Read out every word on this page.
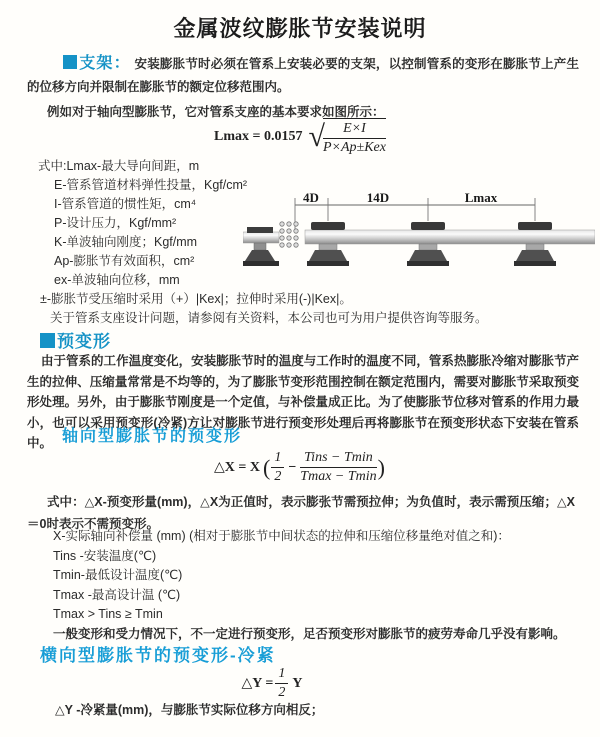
金属波纹膨胀节安装说明
支架： 安装膨胀节时必须在管系上安装必要的支架，以控制管系的变形在膨胀节上产生的位移方向并限制在膨胀节的额定位移范围内。
例如对于轴向型膨胀节，它对管系支座的基本要求如图所示：
Lmax = 0.0157 √
$\frac{E\times I}{\text{P×Ap±Kex}}$
式中:Lmax-最大导向间距，m
E-管系管道材料弹性投量，Kgf/cm²
I-管系管道的惯性矩，cm⁴
P-设计压力，Kgf/mm²
K-单波轴向刚度；Kgf/mm
Ap-膨胀节有效面积，cm²
ex-单波轴向位移，mm
±-膨胀节受压缩时采用（+）|Kex|；拉伸时采用(-)|Kex|。
关于管系支座设计问题，请参阅有关资料，本公司也可为用户提供咨询等服务。
4D	14D	Lmax
预变形
由于管系的工作温度变化，安装膨胀节时的温度与工作时的温度不同，管系热膨胀冷缩对膨胀节产生的拉伸、压缩量常常是不均等的，为了膨胀节变形范围控制在额定范围内，需要对膨胀节采取预变形处理。另外，由于膨胀节刚度是一个定值，与补偿量成正比。为了使膨胀节位移对管系的作用力最小，也可以采用预变形(冷紧)方让对膨胀节进行预变形处理后再将膨胀节在预变形状态下安装在管系中。 轴向型膨胀节的预变形
△X = X ( $\frac{1}{2} - \frac{\text{Tins − Tmin}}{Tmax - Tmin}$ )
式中：△X-预变形量(mm)，△X为正值时，表示膨张节需预拉伸；为负值时，表示需预压缩；△X＝0时表示不需预变形。
X-实际轴向补偿量 (mm) (相对于膨胀节中间状态的拉伸和压缩位移量绝对值之和)：
Tins -安装温度(℃)
Tmin-最低设计温度(℃)
Tmax -最高设计温 (℃)
Tmax > Tins ≥ Tmin
一般变形和受力情况下，不一定进行预变形，足否预变形对膨胀节的疲劳寿命几乎没有影响。
横向型膨胀节的预变形-冷紧
△Y = $\frac{1}{2}$ Y
△Y -冷紧量(mm)，与膨胀节实际位移方向相反；
